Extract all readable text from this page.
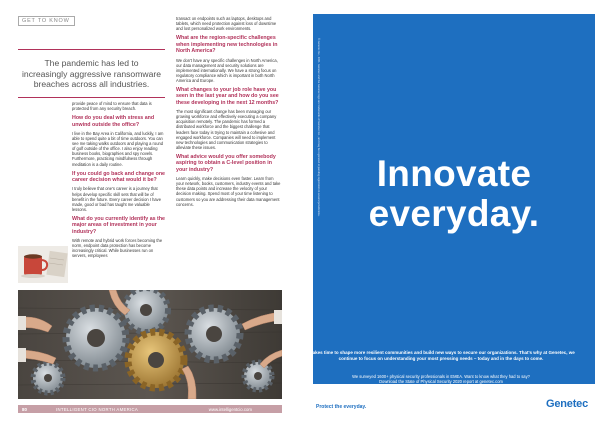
GET TO KNOW
The pandemic has led to increasingly aggressive ransomware breaches across all industries.

provide peace of mind to ensure that data is protected from any security breach.

How do you deal with stress and unwind outside the office?

I live in the Bay Area in California, and luckily, I am able to spend quite a bit of time outdoors. You can see me taking walks outdoors and playing a round of golf outside of the office. I also enjoy reading business books, biographies and spy novels. Furthermore, practicing mindfulness through meditation is a daily routine.

If you could go back and change one career decision what would it be?

I truly believe that one's career is a journey that helps develop specific skill sets that will be of benefit in the future. Every career decision I have made, good or bad has taught me valuable lessons.

What do you currently identify as the major areas of investment in your industry?

With remote and hybrid work forces becoming the norm, endpoint data protection has become increasingly critical. While businesses run on servers, employees

transact on endpoints such as laptops, desktops and tablets, which need protection against loss of downtime and lost personalized work environments.

What are the region-specific challenges when implementing new technologies in North America?

We don't have any specific challenges in North America, our data management and security solutions are implemented internationally. We have a strong focus on regulatory compliance which is important in both North America and Europe.

What changes to your job role have you seen in the last year and how do you see these developing in the next 12 months?

The most significant change has been managing our growing workforce and effectively executing a company acquisition remotely. The pandemic has formed a distributed workforce and the biggest challenge that leaders face today is trying to maintain a cohesive and engaged workforce. Companies will need to implement new technologies and communication strategies to alleviate these issues.

What advice would you offer somebody aspiring to obtain a C-level position in your industry?

Learn quickly, make decisions even faster. Learn from your network, books, customers, industry events and take these data points and increase the velocity of your decision making. Spend most of your time listening to customers so you are addressing their data management concerns.

80	INTELLIGENT CIO NORTH AMERICA	www.intelligentcio.com
© Genetec Inc., 2021. Genetec and the Genetec logo are trademarks of Genetec Inc., and may be registered or pending registration in several jurisdictions.	Innovate
everyday.
It takes time to shape more resilient communities and build new ways to secure our organizations. That's why at Genetec, we continue to focus on understanding your most pressing needs – today and in the days to come.
We surveyed 1600+ physical security professionals in EMEA. Want to know what they had to say?
Download the State of Physical Security 2020 report at genetec.com
Protect the everyday.	Genetec
